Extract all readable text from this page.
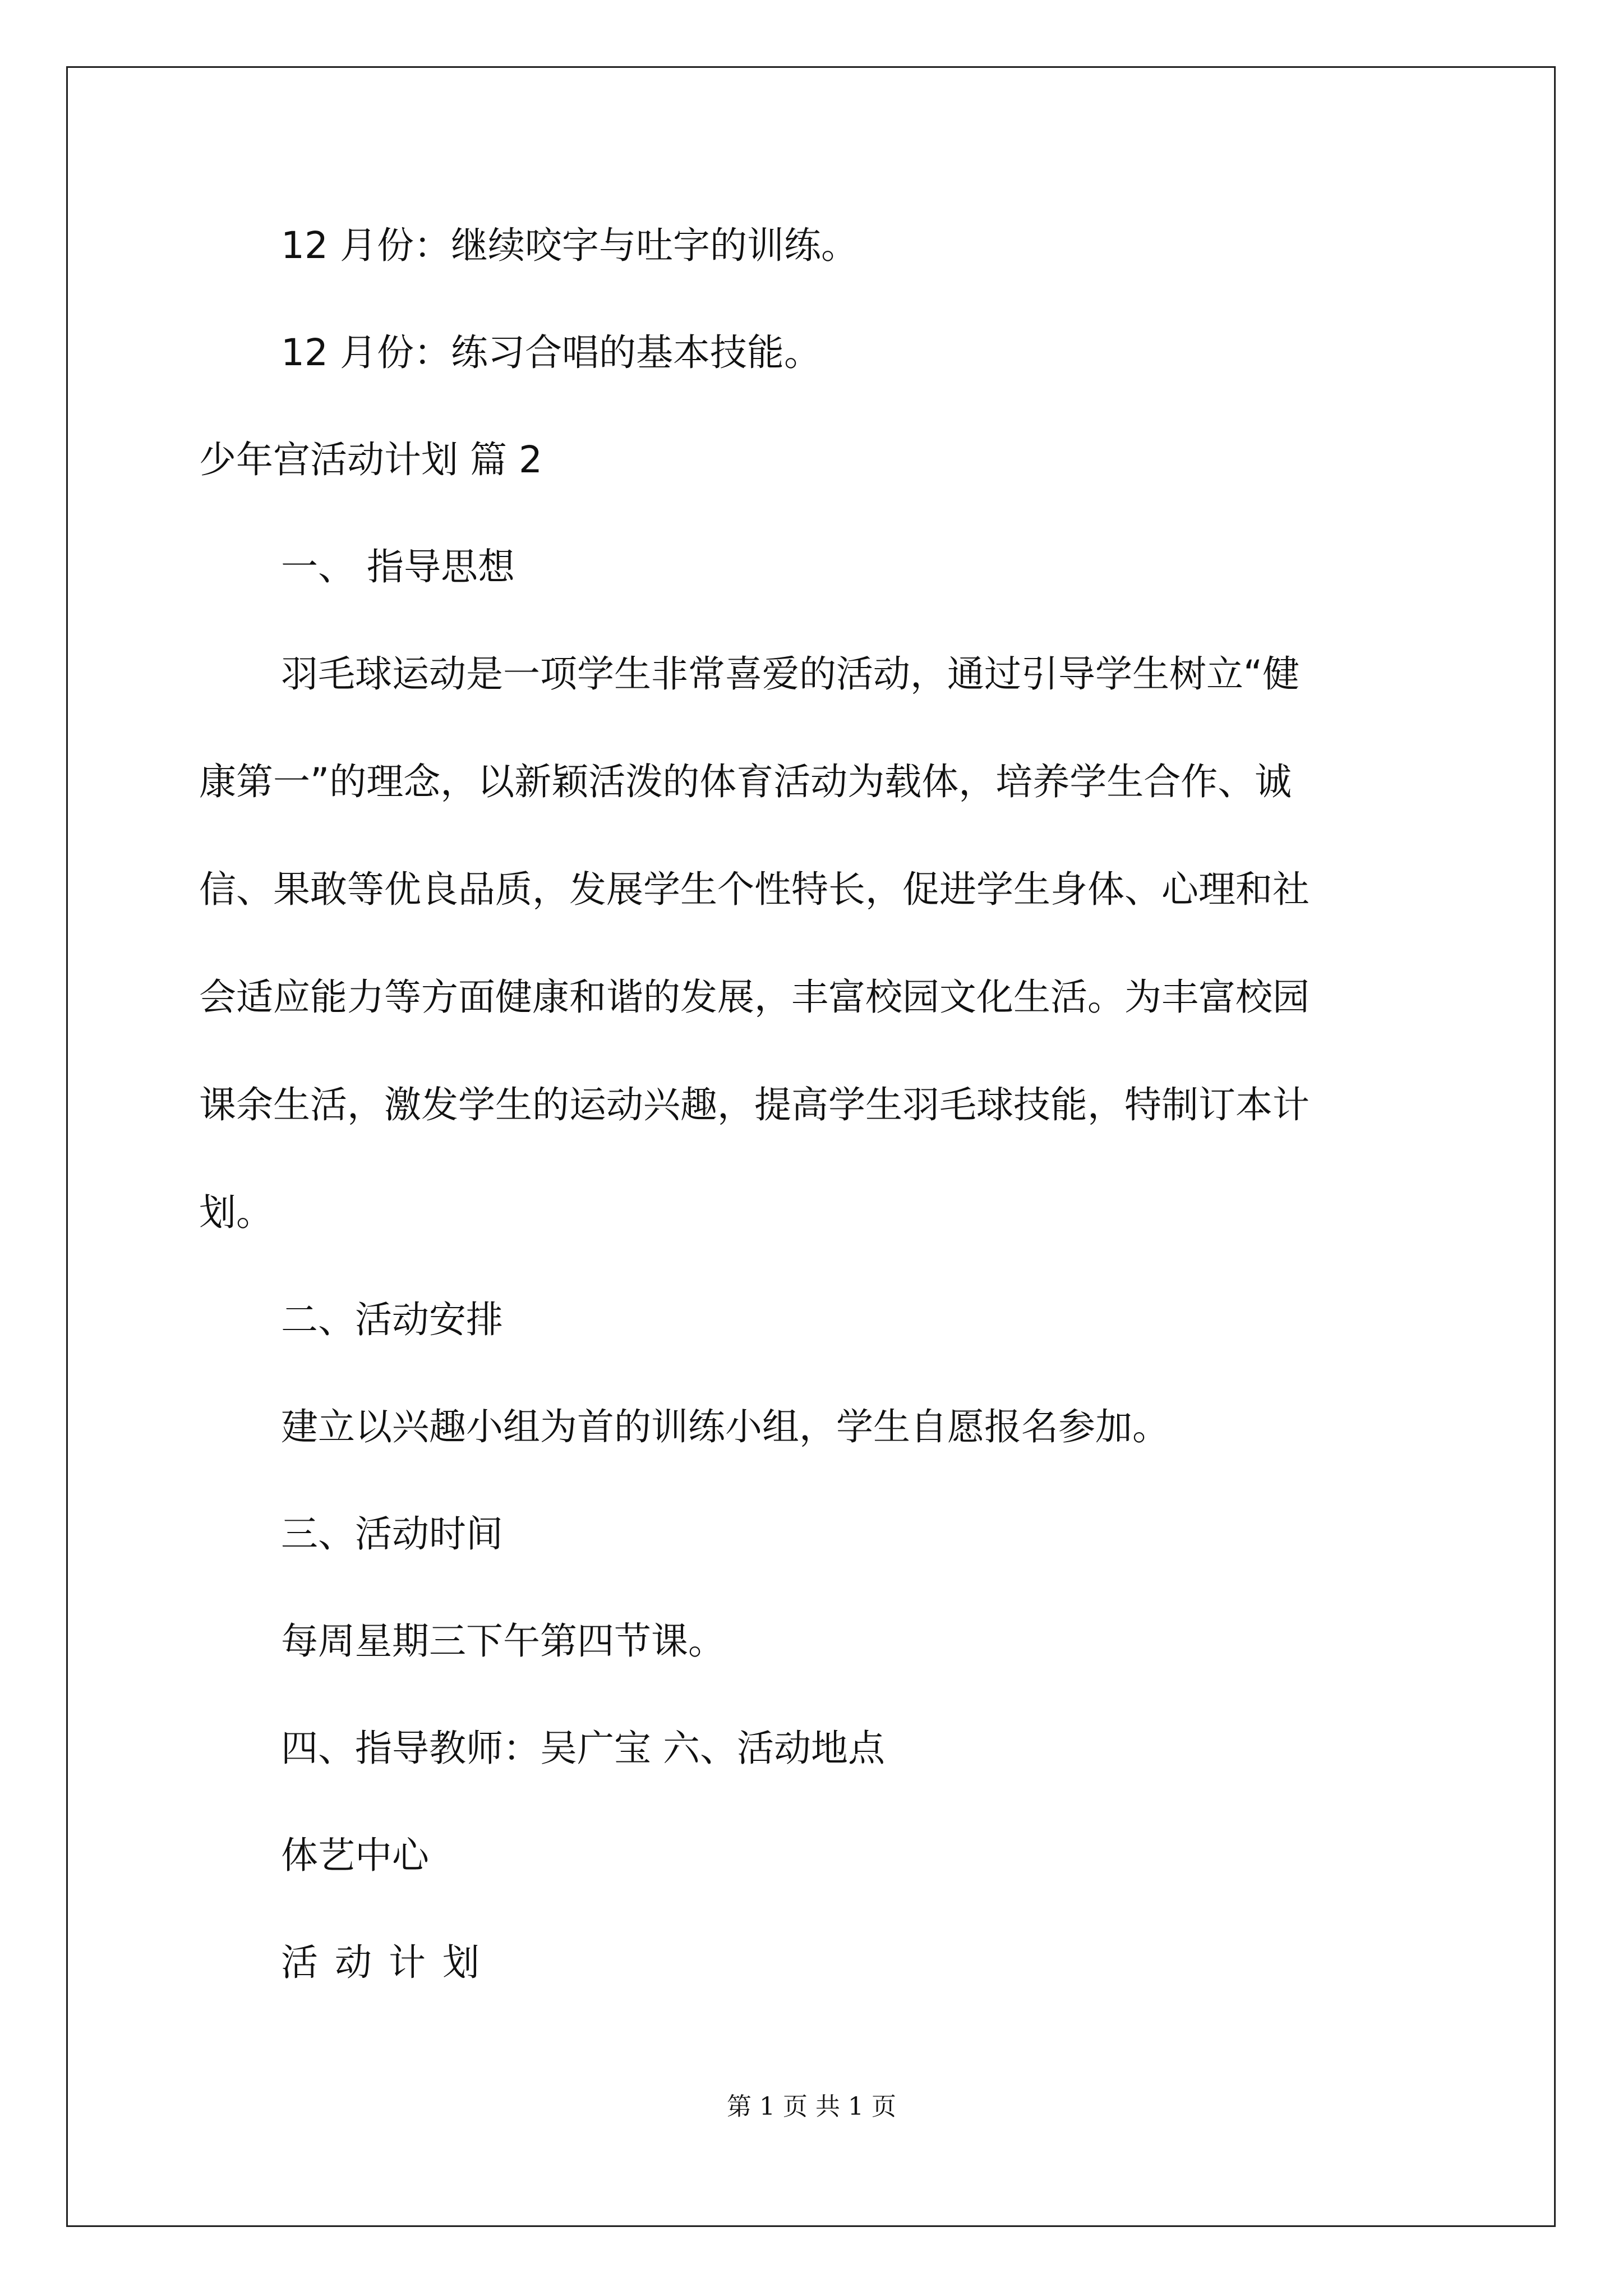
12 月份：继续咬字与吐字的训练。
12 月份：练习合唱的基本技能。
少年宫活动计划 篇 2
一、 指导思想
羽毛球运动是一项学生非常喜爱的活动，通过引导学生树立“健
康第一”的理念，以新颖活泼的体育活动为载体，培养学生合作、诚
信、果敢等优良品质，发展学生个性特长，促进学生身体、心理和社
会适应能力等方面健康和谐的发展，丰富校园文化生活。为丰富校园
课余生活，激发学生的运动兴趣，提高学生羽毛球技能，特制订本计
划。
二、活动安排
建立以兴趣小组为首的训练小组，学生自愿报名参加。
三、活动时间
每周星期三下午第四节课。
四、指导教师：吴广宝 六、活动地点
体艺中心
活动计划
第 1 页 共 1 页
